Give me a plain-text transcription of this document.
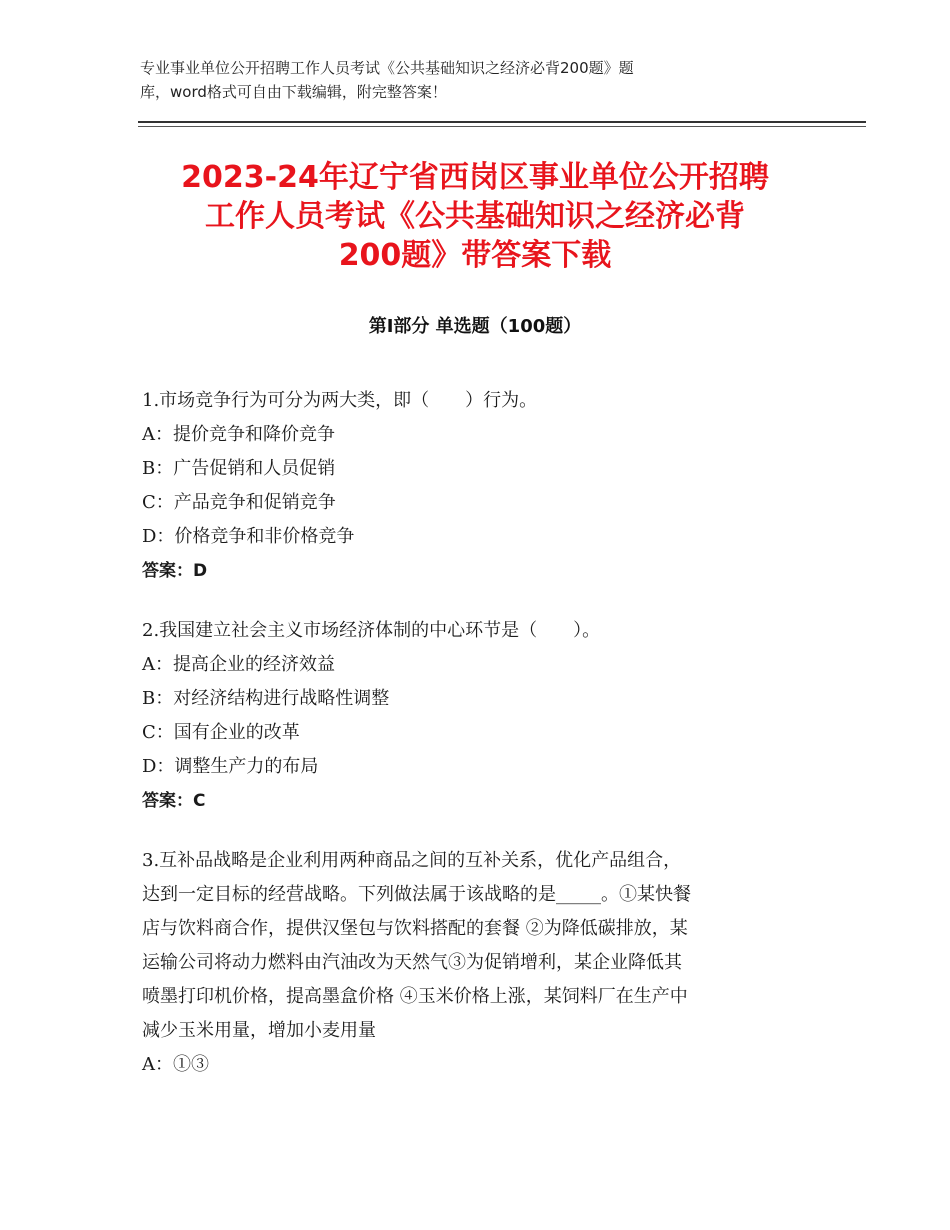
专业事业单位公开招聘工作人员考试《公共基础知识之经济必背200题》题
库，word格式可自由下载编辑，附完整答案！
2023-24年辽宁省西岗区事业单位公开招聘
工作人员考试《公共基础知识之经济必背
200题》带答案下载
第Ⅰ部分 单选题（100题）
1.市场竞争行为可分为两大类，即（　　）行为。
A：提价竞争和降价竞争
B：广告促销和人员促销
C：产品竞争和促销竞争
D：价格竞争和非价格竞争
答案：D
2.我国建立社会主义市场经济体制的中心环节是（　　）。
A：提高企业的经济效益
B：对经济结构进行战略性调整
C：国有企业的改革
D：调整生产力的布局
答案：C
3.互补品战略是企业利用两种商品之间的互补关系，优化产品组合，
达到一定目标的经营战略。下列做法属于该战略的是_____。①某快餐
店与饮料商合作，提供汉堡包与饮料搭配的套餐 ②为降低碳排放，某
运输公司将动力燃料由汽油改为天然气③为促销增利，某企业降低其
喷墨打印机价格，提高墨盒价格 ④玉米价格上涨，某饲料厂在生产中
减少玉米用量，增加小麦用量
A：①③
